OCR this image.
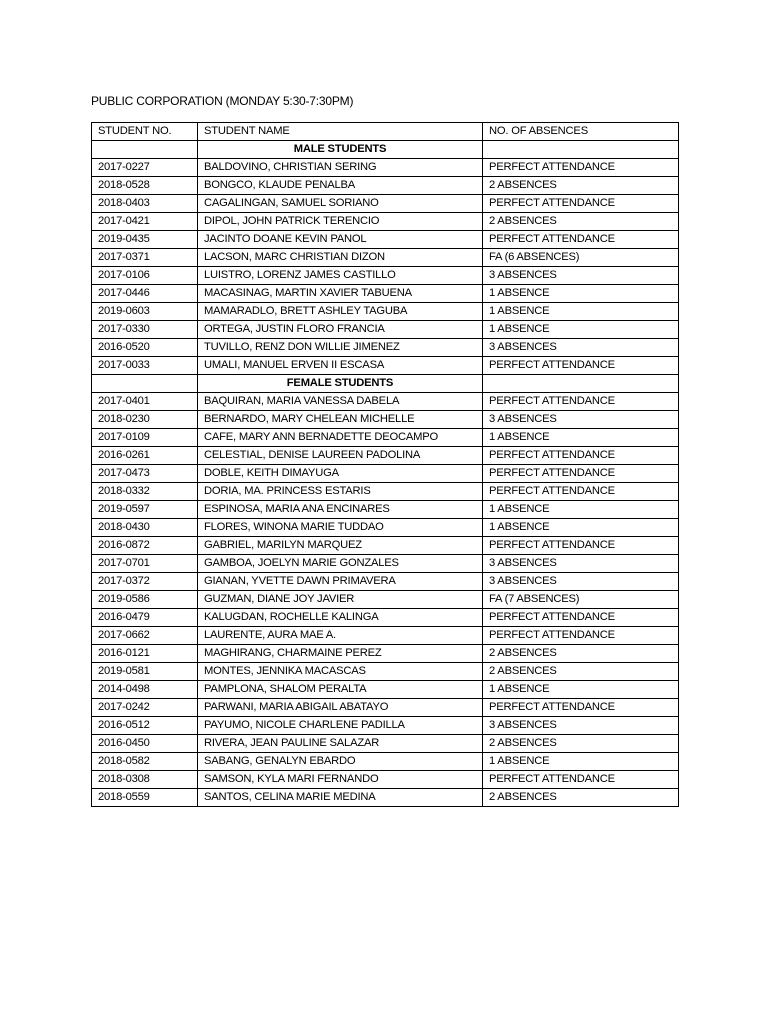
PUBLIC CORPORATION (MONDAY 5:30-7:30PM)
STUDENT NO.	STUDENT NAME	NO. OF ABSENCES
	MALE STUDENTS	
2017-0227	BALDOVINO, CHRISTIAN SERING	PERFECT ATTENDANCE
2018-0528	BONGCO, KLAUDE PENALBA	2 ABSENCES
2018-0403	CAGALINGAN, SAMUEL SORIANO	PERFECT ATTENDANCE
2017-0421	DIPOL, JOHN PATRICK TERENCIO	2 ABSENCES
2019-0435	JACINTO DOANE KEVIN PANOL	PERFECT ATTENDANCE
2017-0371	LACSON, MARC CHRISTIAN DIZON	FA (6 ABSENCES)
2017-0106	LUISTRO, LORENZ JAMES CASTILLO	3 ABSENCES
2017-0446	MACASINAG, MARTIN XAVIER TABUENA	1 ABSENCE
2019-0603	MAMARADLO, BRETT ASHLEY TAGUBA	1 ABSENCE
2017-0330	ORTEGA, JUSTIN FLORO FRANCIA	1 ABSENCE
2016-0520	TUVILLO, RENZ DON WILLIE JIMENEZ	3 ABSENCES
2017-0033	UMALI, MANUEL ERVEN II ESCASA	PERFECT ATTENDANCE
	FEMALE STUDENTS	
2017-0401	BAQUIRAN, MARIA VANESSA DABELA	PERFECT ATTENDANCE
2018-0230	BERNARDO, MARY CHELEAN MICHELLE	3 ABSENCES
2017-0109	CAFE, MARY ANN BERNADETTE DEOCAMPO	1 ABSENCE
2016-0261	CELESTIAL, DENISE LAUREEN PADOLINA	PERFECT ATTENDANCE
2017-0473	DOBLE, KEITH DIMAYUGA	PERFECT ATTENDANCE
2018-0332	DORIA, MA. PRINCESS ESTARIS	PERFECT ATTENDANCE
2019-0597	ESPINOSA, MARIA ANA ENCINARES	1 ABSENCE
2018-0430	FLORES, WINONA MARIE TUDDAO	1 ABSENCE
2016-0872	GABRIEL, MARILYN MARQUEZ	PERFECT ATTENDANCE
2017-0701	GAMBOA, JOELYN MARIE GONZALES	3 ABSENCES
2017-0372	GIANAN, YVETTE DAWN PRIMAVERA	3 ABSENCES
2019-0586	GUZMAN, DIANE JOY JAVIER	FA (7 ABSENCES)
2016-0479	KALUGDAN, ROCHELLE KALINGA	PERFECT ATTENDANCE
2017-0662	LAURENTE, AURA MAE A.	PERFECT ATTENDANCE
2016-0121	MAGHIRANG, CHARMAINE PEREZ	2 ABSENCES
2019-0581	MONTES, JENNIKA MACASCAS	2 ABSENCES
2014-0498	PAMPLONA, SHALOM PERALTA	1 ABSENCE
2017-0242	PARWANI, MARIA ABIGAIL ABATAYO	PERFECT ATTENDANCE
2016-0512	PAYUMO, NICOLE CHARLENE PADILLA	3 ABSENCES
2016-0450	RIVERA, JEAN PAULINE SALAZAR	2 ABSENCES
2018-0582	SABANG, GENALYN EBARDO	1 ABSENCE
2018-0308	SAMSON, KYLA MARI FERNANDO	PERFECT ATTENDANCE
2018-0559	SANTOS, CELINA MARIE MEDINA	2 ABSENCES
